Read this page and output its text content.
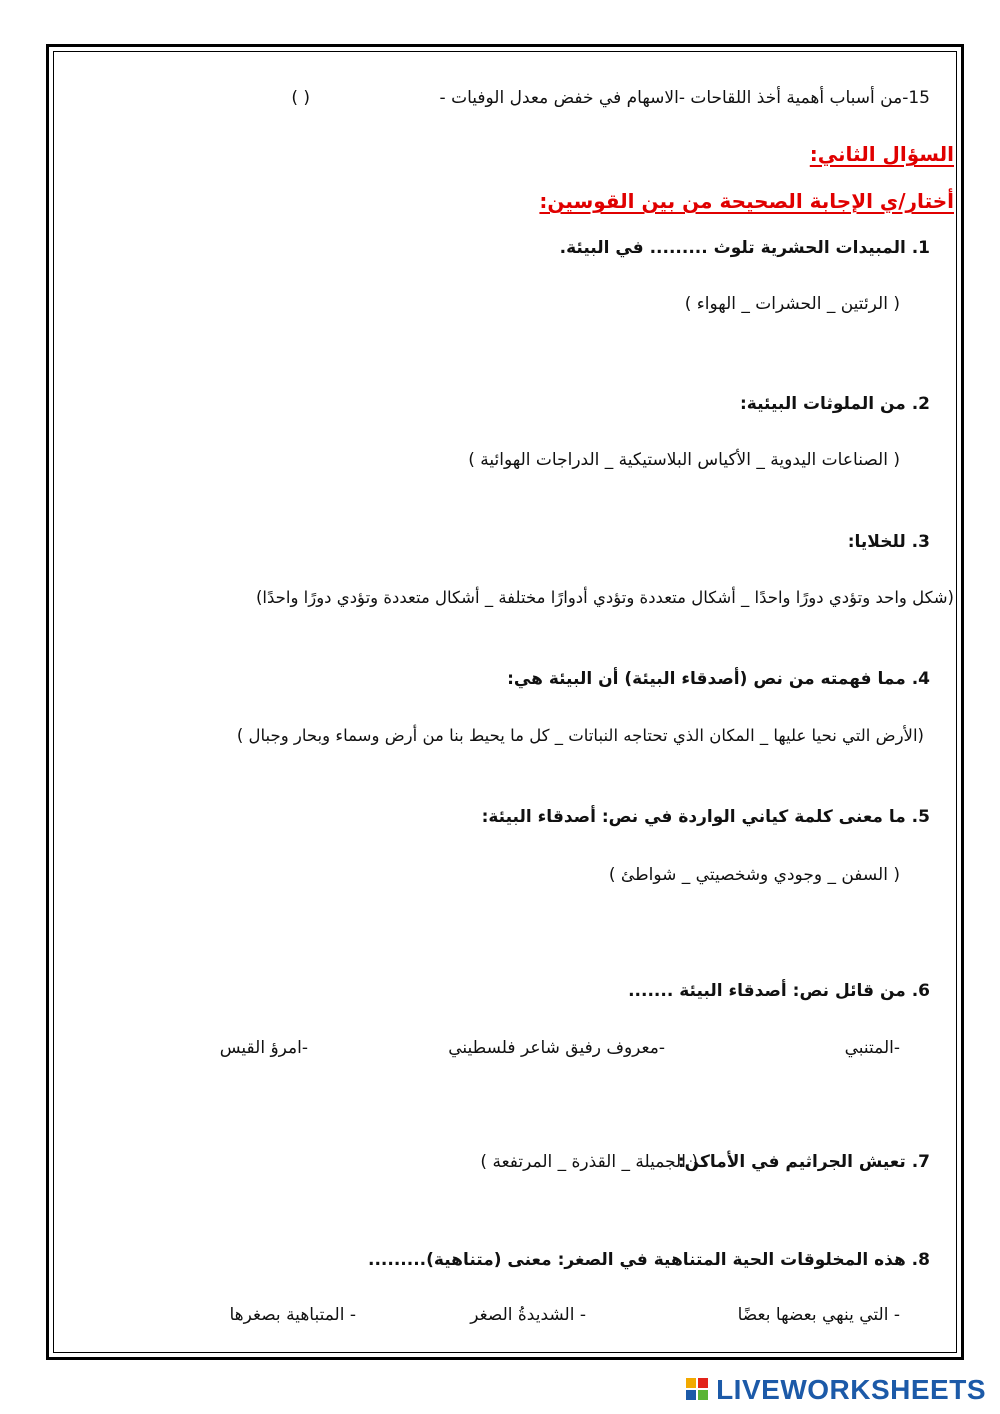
15-من أسباب أهمية أخذ اللقاحات -الاسهام في خفض معدل الوفيات -
( )
السؤال الثاني:
أختار/ي الإجابة الصحيحة من بين القوسين:
1. المبيدات الحشرية تلوث ......... في البيئة.
( الرئتين _ الحشرات _ الهواء )
2. من الملوثات البيئية:
( الصناعات اليدوية _ الأكياس البلاستيكية _ الدراجات الهوائية )
3. للخلايا:
(شكل واحد وتؤدي دورًا واحدًا _ أشكال متعددة وتؤدي أدوارًا مختلفة _ أشكال متعددة وتؤدي دورًا واحدًا)
4. مما فهمته من نص (أصدقاء البيئة) أن البيئة هي:
(الأرض التي نحيا عليها _ المكان الذي تحتاجه النباتات _ كل ما يحيط بنا من أرض وسماء وبحار وجبال )
5. ما معنى كلمة كياني الواردة في نص: أصدقاء البيئة:
( السفن _ وجودي وشخصيتي _ شواطئ )
6. من قائل نص: أصدقاء البيئة .......
-المتنبي
-معروف رفيق شاعر فلسطيني
-امرؤ القيس
7. تعيش الجراثيم في الأماكن:
( الجميلة _ القذرة _ المرتفعة )
8. هذه المخلوقات الحية المتناهية في الصغر: معنى (متناهية).........
- التي ينهي بعضها بعضًا
- الشديدةُ الصغر
- المتباهية بصغرها
LIVEWORKSHEETS
